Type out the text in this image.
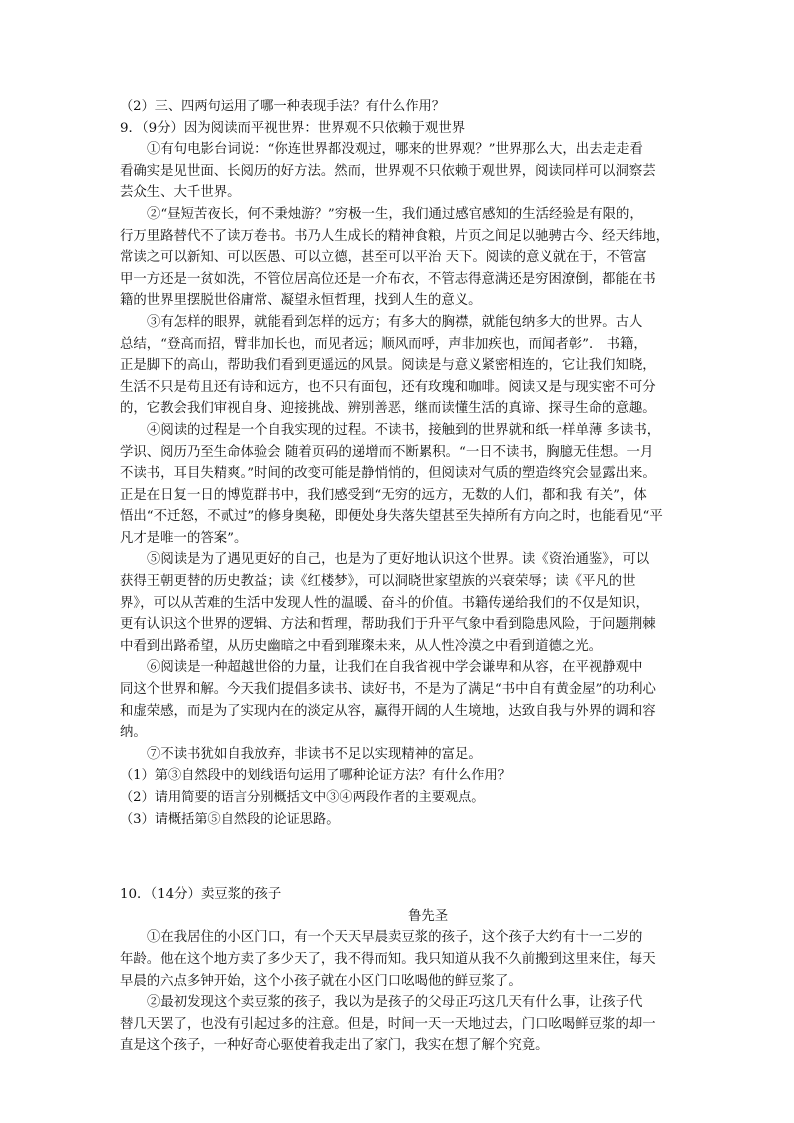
（2）三、四两句运用了哪一种表现手法？有什么作用？
9．（9分）因为阅读而平视世界：世界观不只依赖于观世界
①有句电影台词说：“你连世界都没观过，哪来的世界观？”世界那么大，出去走走看
看确实是见世面、长阅历的好方法。然而，世界观不只依赖于观世界，阅读同样可以洞察芸
芸众生、大千世界。
②“昼短苦夜长，何不秉烛游？”穷极一生，我们通过感官感知的生活经验是有限的，
行万里路替代不了读万卷书。书乃人生成长的精神食粮，片页之间足以驰骋古今、经天纬地，
常读之可以新知、可以医愚、可以立德，甚至可以平治 天下。阅读的意义就在于，不管富
甲一方还是一贫如洗，不管位居高位还是一介布衣，不管志得意满还是穷困潦倒，都能在书
籍的世界里摆脱世俗庸常、凝望永恒哲理，找到人生的意义。
③有怎样的眼界，就能看到怎样的远方；有多大的胸襟，就能包纳多大的世界。古人
总结，“登高而招，臂非加长也，而见者远；顺风而呼，声非加疾也，而闻者彰”． 书籍，
正是脚下的高山，帮助我们看到更遥远的风景。阅读是与意义紧密相连的，它让我们知晓，
生活不只是苟且还有诗和远方，也不只有面包，还有玫瑰和咖啡。阅读又是与现实密不可分
的，它教会我们审视自身、迎接挑战、辨别善恶，继而读懂生活的真谛、探寻生命的意趣。
④阅读的过程是一个自我实现的过程。不读书，接触到的世界就和纸一样单薄 多读书，
学识、阅历乃至生命体验会 随着页码的递增而不断累积。“一日不读书，胸臆无佳想。一月
不读书，耳目失精爽。”时间的改变可能是静悄悄的，但阅读对气质的塑造终究会显露出来。
正是在日复一日的博览群书中，我们感受到“无穷的远方，无数的人们，都和我 有关”，体
悟出“不迁怒，不贰过”的修身奥秘，即便处身失落失望甚至失掉所有方向之时，也能看见“平
凡才是唯一的答案”。
⑤阅读是为了遇见更好的自己，也是为了更好地认识这个世界。读《资治通鉴》，可以
获得王朝更替的历史教益；读《红楼梦》，可以洞晓世家望族的兴衰荣辱；读《平凡的世
界》，可以从苦难的生活中发现人性的温暖、奋斗的价值。书籍传递给我们的不仅是知识，
更有认识这个世界的逻辑、方法和哲理，帮助我们于升平气象中看到隐患风险，于问题荆棘
中看到出路希望，从历史幽暗之中看到璀璨未来，从人性冷漠之中看到道德之光。
⑥阅读是一种超越世俗的力量，让我们在自我省视中学会谦卑和从容，在平视静观中
同这个世界和解。今天我们提倡多读书、读好书，不是为了满足“书中自有黄金屋”的功利心
和虚荣感，而是为了实现内在的淡定从容，赢得开阔的人生境地，达致自我与外界的调和容
纳。
⑦不读书犹如自我放弃，非读书不足以实现精神的富足。
（1）第③自然段中的划线语句运用了哪种论证方法？有什么作用？
（2）请用简要的语言分别概括文中③④两段作者的主要观点。
（3）请概括第⑤自然段的论证思路。
10．（14分）卖豆浆的孩子
鲁先圣
①在我居住的小区门口，有一个天天早晨卖豆浆的孩子，这个孩子大约有十一二岁的
年龄。他在这个地方卖了多少天了，我不得而知。我只知道从我不久前搬到这里来住，每天
早晨的六点多钟开始，这个小孩子就在小区门口吆喝他的鲜豆浆了。
②最初发现这个卖豆浆的孩子，我以为是孩子的父母正巧这几天有什么事，让孩子代
替几天罢了，也没有引起过多的注意。但是，时间一天一天地过去，门口吆喝鲜豆浆的却一
直是这个孩子，一种好奇心驱使着我走出了家门，我实在想了解个究竟。
